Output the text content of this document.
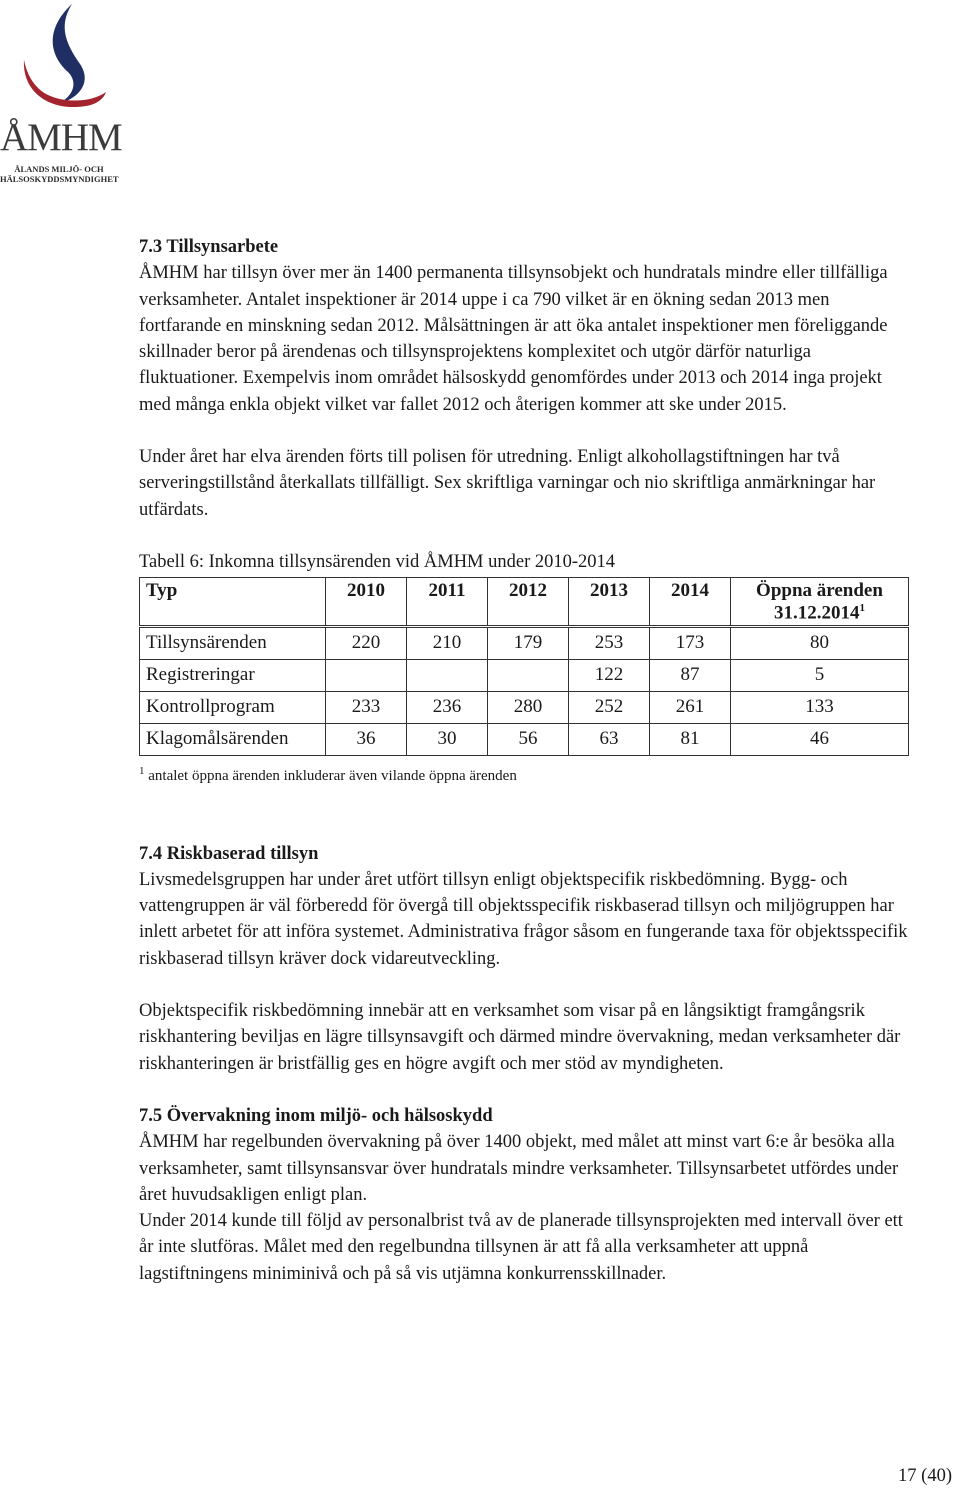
ÅMHM
ÅLANDS MILJÖ- OCH
HÄLSOSKYDDSMYNDIGHET
7.3 Tillsynsarbete

ÅMHM har tillsyn över mer än 1400 permanenta tillsynsobjekt och hundratals mindre eller tillfälliga verksamheter. Antalet inspektioner är 2014 uppe i ca 790 vilket är en ökning sedan 2013 men fortfarande en minskning sedan 2012. Målsättningen är att öka antalet inspektioner men föreliggande skillnader beror på ärendenas och tillsynsprojektens komplexitet och utgör därför naturliga fluktuationer. Exempelvis inom området hälsoskydd genomfördes under 2013 och 2014 inga projekt med många enkla objekt vilket var fallet 2012 och återigen kommer att ske under 2015.

Under året har elva ärenden förts till polisen för utredning. Enligt alkohollagstiftningen har två serveringstillstånd återkallats tillfälligt. Sex skriftliga varningar och nio skriftliga anmärkningar har utfärdats.

Tabell 6: Inkomna tillsynsärenden vid ÅMHM under 2010-2014

Typ	2010	2011	2012	2013	2014	Öppna ärenden 31.12.2014$^1$
Tillsynsärenden	220	210	179	253	173	80
Registreringar				122	87	5
Kontrollprogram	233	236	280	252	261	133
Klagomålsärenden	36	30	56	63	81	46
$^1$ antalet öppna ärenden inkluderar även vilande öppna ärenden
7.4 Riskbaserad tillsyn

Livsmedelsgruppen har under året utfört tillsyn enligt objektspecifik riskbedömning. Bygg- och vattengruppen är väl förberedd för övergå till objektsspecifik riskbaserad tillsyn och miljögruppen har inlett arbetet för att införa systemet. Administrativa frågor såsom en fungerande taxa för objektsspecifik riskbaserad tillsyn kräver dock vidareutveckling.

Objektspecifik riskbedömning innebär att en verksamhet som visar på en långsiktigt framgångsrik riskhantering beviljas en lägre tillsynsavgift och därmed mindre övervakning, medan verksamheter där riskhanteringen är bristfällig ges en högre avgift och mer stöd av myndigheten.

7.5 Övervakning inom miljö- och hälsoskydd

ÅMHM har regelbunden övervakning på över 1400 objekt, med målet att minst vart 6:e år besöka alla verksamheter, samt tillsynsansvar över hundratals mindre verksamheter. Tillsynsarbetet utfördes under året huvudsakligen enligt plan.

Under 2014 kunde till följd av personalbrist två av de planerade tillsynsprojekten med intervall över ett år inte slutföras. Målet med den regelbundna tillsynen är att få alla verksamheter att uppnå lagstiftningens miniminivå och på så vis utjämna konkurrensskillnader.

17 (40)
